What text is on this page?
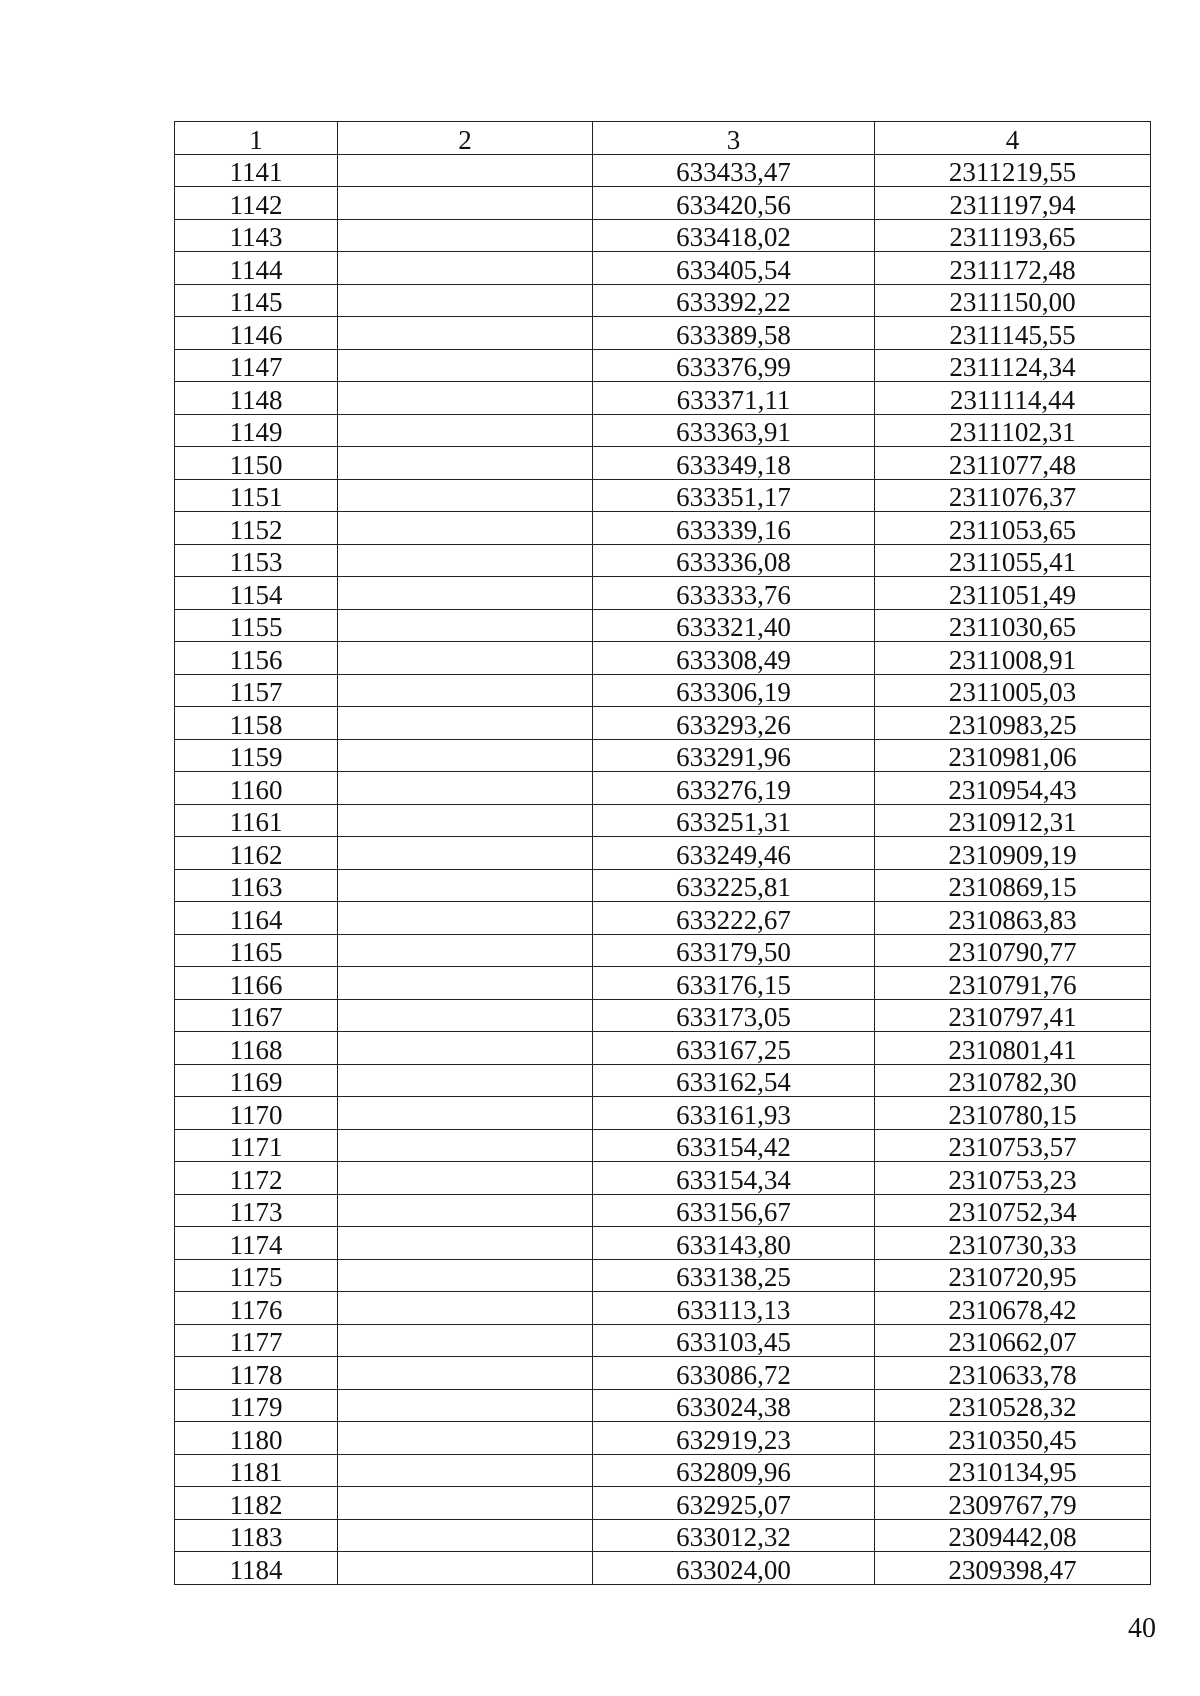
1	2	3	4
1141		633433,47	2311219,55
1142		633420,56	2311197,94
1143		633418,02	2311193,65
1144		633405,54	2311172,48
1145		633392,22	2311150,00
1146		633389,58	2311145,55
1147		633376,99	2311124,34
1148		633371,11	2311114,44
1149		633363,91	2311102,31
1150		633349,18	2311077,48
1151		633351,17	2311076,37
1152		633339,16	2311053,65
1153		633336,08	2311055,41
1154		633333,76	2311051,49
1155		633321,40	2311030,65
1156		633308,49	2311008,91
1157		633306,19	2311005,03
1158		633293,26	2310983,25
1159		633291,96	2310981,06
1160		633276,19	2310954,43
1161		633251,31	2310912,31
1162		633249,46	2310909,19
1163		633225,81	2310869,15
1164		633222,67	2310863,83
1165		633179,50	2310790,77
1166		633176,15	2310791,76
1167		633173,05	2310797,41
1168		633167,25	2310801,41
1169		633162,54	2310782,30
1170		633161,93	2310780,15
1171		633154,42	2310753,57
1172		633154,34	2310753,23
1173		633156,67	2310752,34
1174		633143,80	2310730,33
1175		633138,25	2310720,95
1176		633113,13	2310678,42
1177		633103,45	2310662,07
1178		633086,72	2310633,78
1179		633024,38	2310528,32
1180		632919,23	2310350,45
1181		632809,96	2310134,95
1182		632925,07	2309767,79
1183		633012,32	2309442,08
1184		633024,00	2309398,47
40
